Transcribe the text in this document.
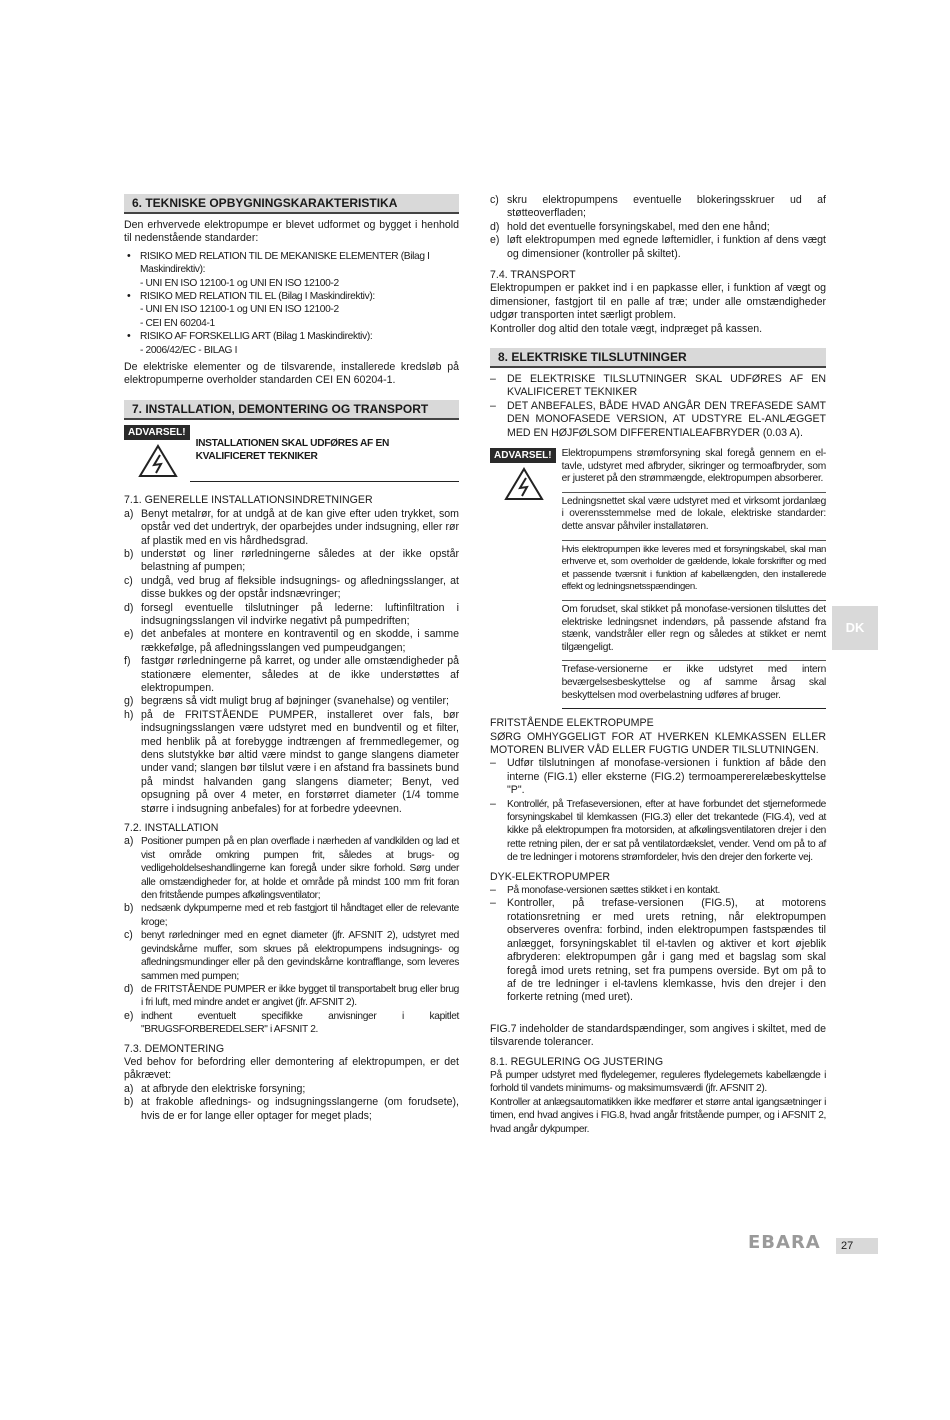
6. TEKNISKE OPBYGNINGSKARAKTERISTIKA

Den erhvervede elektropumpe er blevet udformet og bygget i henhold til nedenstående standarder:

• RISIKO MED RELATION TIL DE MEKANISKE ELEMENTER (Bilag I Maskindirektiv):
- UNI EN ISO 12100-1 og UNI EN ISO 12100-2
• RISIKO MED RELATION TIL EL (Bilag I Maskindirektiv):
- UNI EN ISO 12100-1 og UNI EN ISO 12100-2
- CEI EN 60204-1
• RISIKO AF FORSKELLIG ART (Bilag 1 Maskindirektiv):
- 2006/42/EC - BILAG I

De elektriske elementer og de tilsvarende, installerede kredsløb på elektropumperne overholder standarden CEI EN 60204-1.

7. INSTALLATION, DEMONTERING OG TRANSPORT
ADVARSEL!
INSTALLATIONEN SKAL UDFØRES AF EN KVALIFICERET TEKNIKER

7.1. GENERELLE INSTALLATIONSINDRETNINGER

a) Benyt metalrør, for at undgå at de kan give efter uden trykket, som opstår ved det undertryk, der oparbejdes under indsugning, eller rør af plastik med en vis hårdhedsgrad.
b) understøt og liner rørledningerne således at der ikke opstår belastning af pumpen;
c) undgå, ved brug af fleksible indsugnings- og afledningsslanger, at disse bukkes og der opstår indsnævringer;
d) forsegl eventuelle tilslutninger på lederne: luftinfiltration i indsugningsslangen vil indvirke negativt på pumpedriften;
e) det anbefales at montere en kontraventil og en skodde, i samme rækkefølge, på afledningsslangen ved pumpeudgangen;
f) fastgør rørledningerne på karret, og under alle omstændigheder på stationære elementer, således at de ikke understøttes af elektropumpen.
g) begræns så vidt muligt brug af bøjninger (svanehalse) og ventiler;
h) på de FRITSTÅENDE PUMPER, installeret over fals, bør indsugningsslangen være udstyret med en bundventil og et filter, med henblik på at forebygge indtrængen af fremmedlegemer, og dens slutstykke bør altid være mindst to gange slangens diameter under vand; slangen bør tilslut være i en afstand fra bassinets bund på mindst halvanden gang slangens diameter; Benyt, ved opsugning på over 4 meter, en forstørret diameter (1/4 tomme større i indsugning anbefales) for at forbedre ydeevnen.

7.2. INSTALLATION

a) Positioner pumpen på en plan overflade i nærheden af vandkilden og lad et vist område omkring pumpen frit, således at brugs- og vedligeholdelseshandlingerne kan foregå under sikre forhold. Sørg under alle omstændigheder for, at holde et område på mindst 100 mm frit foran den fritstående pumpes afkølingsventilator;
b) nedsænk dykpumperne med et reb fastgjort til håndtaget eller de relevante kroge;
c) benyt rørledninger med en egnet diameter (jfr. AFSNIT 2), udstyret med gevindskårne muffer, som skrues på elektropumpens indsugnings- og afledningsmundinger eller på den gevindskårne kontrafflange, som leveres sammen med pumpen;
d) de FRITSTÅENDE PUMPER er ikke bygget til transportabelt brug eller brug i fri luft, med mindre andet er angivet (jfr. AFSNIT 2).
e) indhent eventuelt specifikke anvisninger i kapitlet "BRUGSFORBEREDELSER" i AFSNIT 2.

7.3. DEMONTERING

Ved behov for befordring eller demontering af elektropumpen, er det påkrævet:

a) at afbryde den elektriske forsyning;
b) at frakoble aflednings- og indsugningsslangerne (om forudsete), hvis de er for lange eller optager for meget plads;
c) skru elektropumpens eventuelle blokeringsskruer ud af støtteoverfladen;
d) hold det eventuelle forsyningskabel, med den ene hånd;
e) løft elektropumpen med egnede løftemidler, i funktion af dens vægt og dimensioner (kontroller på skiltet).

7.4. TRANSPORT

Elektropumpen er pakket ind i en papkasse eller, i funktion af vægt og dimensioner, fastgjort til en palle af træ; under alle omstændigheder udgør transporten intet særligt problem.

Kontroller dog altid den totale vægt, indpræget på kassen.

8. ELEKTRISKE TILSLUTNINGER
–	DE ELEKTRISKE TILSLUTNINGER SKAL UDFØRES AF EN KVALIFICERET TEKNIKER
–	DET ANBEFALES, BÅDE HVAD ANGÅR DEN TREFASEDE SAMT DEN MONOFASEDE VERSION, AT UDSTYRE EL-ANLÆGGET MED EN HØJFØLSOM DIFFERENTIALEAFBRYDER (0.03 A).
ADVARSEL! Elektropumpens strømforsyning skal foregå gennem en el-tavle, udstyret med afbryder, sikringer og termoafbryder, som er justeret på den strømmængde, elektropumpen absorberer.
Ledningsnettet skal være udstyret med et virksomt jordanlæg i overensstemmelse med de lokale, elektriske standarder: dette ansvar påhviler installatøren.
Hvis elektropumpen ikke leveres med et forsyningskabel, skal man erhverve et, som overholder de gældende, lokale forskrifter og med et passende tværsnit i funktion af kabellængden, den installerede effekt og ledningsnetsspændingen.
Om forudset, skal stikket på monofase-versionen tilsluttes det elektriske ledningsnet indendørs, på passende afstand fra stænk, vandstråler eller regn og således at stikket er nemt tilgængeligt.
Trefase-versionerne er ikke udstyret med intern beværgelsesbeskyttelse og af samme årsag skal beskyttelsen mod overbelastning udføres af bruger.

FRITSTÅENDE ELEKTROPUMPE

SØRG OMHYGGELIGT FOR AT HVERKEN KLEMKASSEN ELLER MOTOREN BLIVER VÅD ELLER FUGTIG UNDER TILSLUTNINGEN.

–	Udfør tilslutningen af monofase-versionen i funktion af både den interne (FIG.1) eller eksterne (FIG.2) termoampererelæbeskyttelse "P".
–	Kontrollér, på Trefaseversionen, efter at have forbundet det stjerneformede forsyningskabel til klemkassen (FIG.3) eller det trekantede (FIG.4), ved at kikke på elektropumpen fra motorsiden, at afkølingsventilatoren drejer i den rette retning pilen, der er sat på ventilatordækslet, vender. Vend om på to af de tre ledninger i motorens strømfordeler, hvis den drejer den forkerte vej.

DYK-ELEKTROPUMPER

–	På monofase-versionen sættes stikket i en kontakt.
–	Kontroller, på trefase-versionen (FIG.5), at motorens rotationsretning er med urets retning, når elektropumpen observeres ovenfra: forbind, inden elektropumpen fastspændes til anlægget, forsyningskablet til el-tavlen og aktiver et kort øjeblik afbryderen: elektropumpen går i gang med et bagslag som skal foregå imod urets retning, set fra pumpens overside. Byt om på to af de tre ledninger i el-tavlens klemkasse, hvis den drejer i den forkerte retning (med uret).

FIG.7 indeholder de standardspændinger, som angives i skiltet, med de tilsvarende tolerancer.

8.1. REGULERING OG JUSTERING

På pumper udstyret med flydelegemer, reguleres flydelegemets kabellængde i forhold til vandets minimums- og maksimumsværdi (jfr. AFSNIT 2).

Kontroller at anlægsautomatikken ikke medfører et større antal igangsætninger i timen, end hvad angives i FIG.8, hvad angår fritstående pumper, og i AFSNIT 2, hvad angår dykpumper.

DK
EBARA	27
